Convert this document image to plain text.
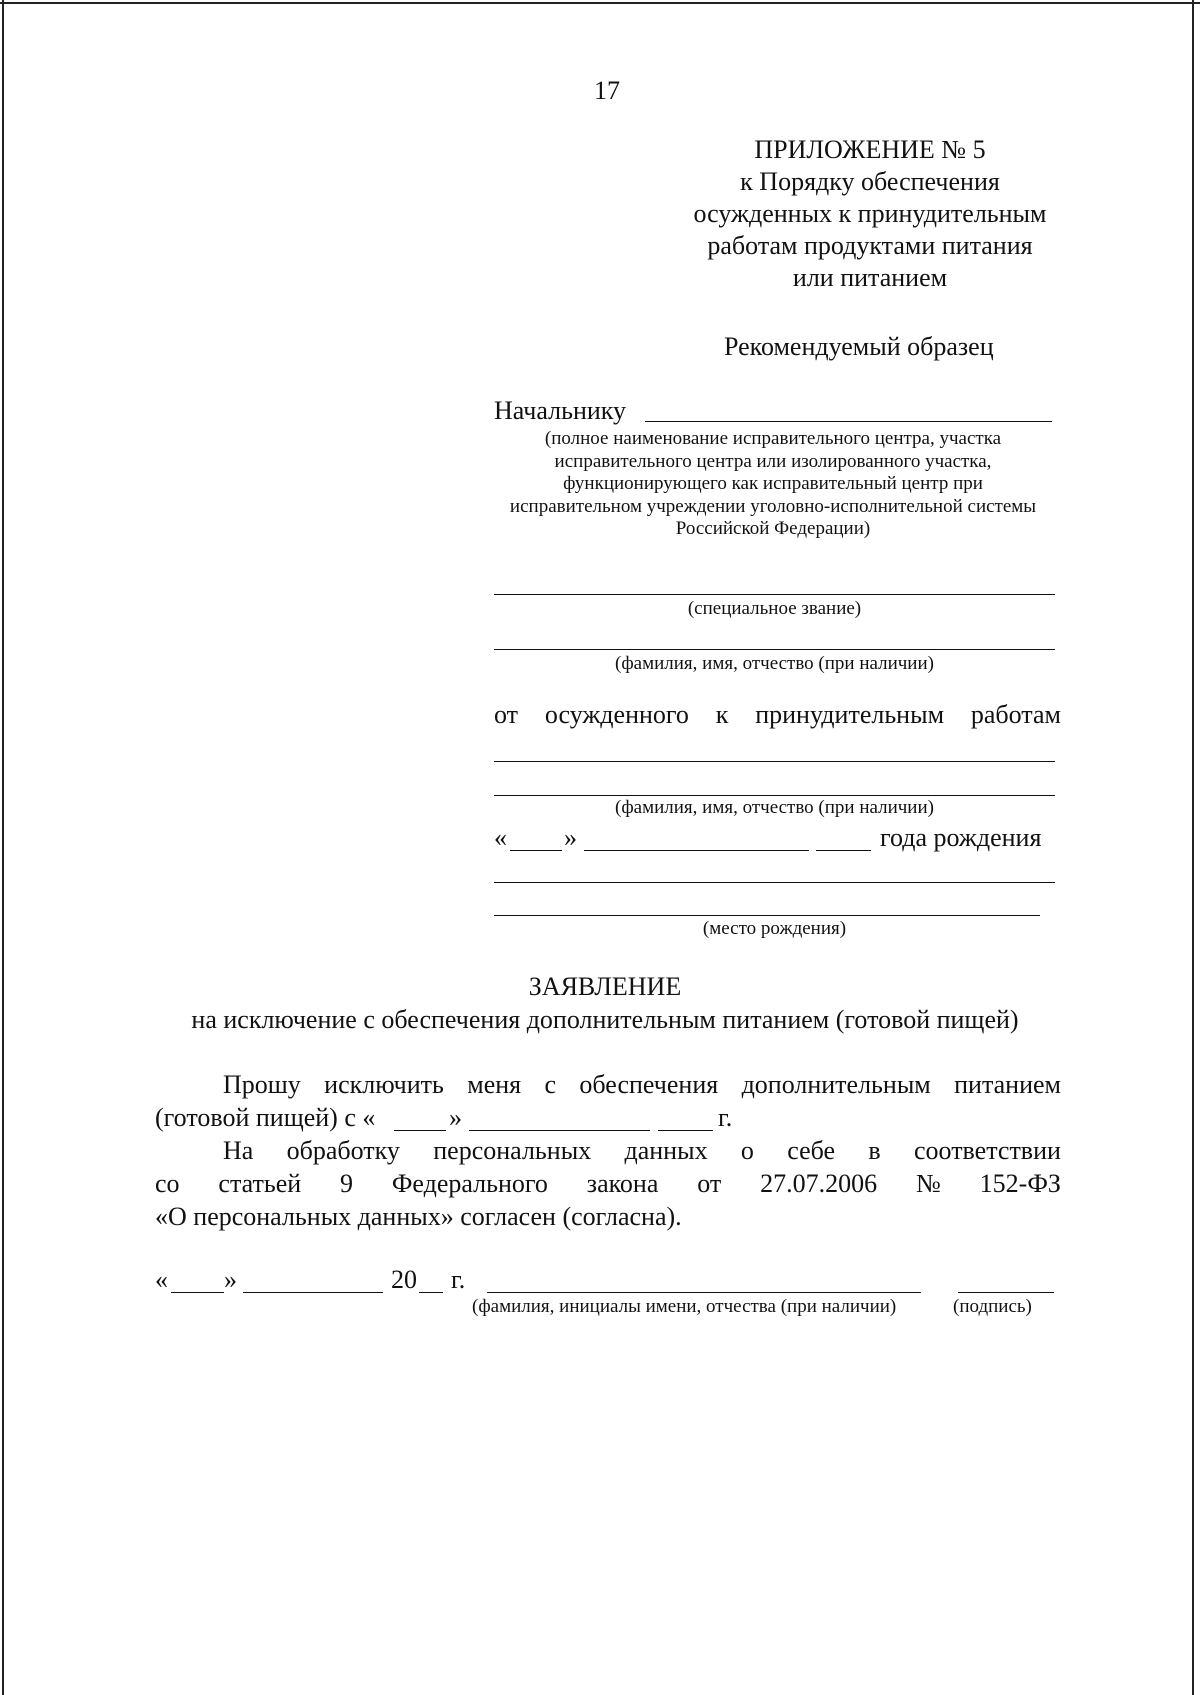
17
ПРИЛОЖЕНИЕ № 5
к Порядку обеспечения
осужденных к принудительным
работам продуктами питания
или питанием
Рекомендуемый образец
Начальнику
(полное наименование исправительного центра, участка
исправительного центра или изолированного участка,
функционирующего как исправительный центр при
исправительном учреждении уголовно-исполнительной системы
Российской Федерации)
(специальное звание)
(фамилия, имя, отчество (при наличии)
от осужденного к принудительным работам
(фамилия, имя, отчество (при наличии)
« »	года рождения
(место рождения)
ЗАЯВЛЕНИЕ
на исключение с обеспечения дополнительным питанием (готовой пищей)
Прошу исключить меня с обеспечения дополнительным питанием
(готовой пищей) с «	»	г.
На обработку персональных данных о себе в соответствии
со статьей 9 Федерального закона от 27.07.2006 № 152-ФЗ
«О персональных данных» согласен (согласна).
« »	20 г.
(фамилия, инициалы имени, отчества (при наличии)	(подпись)
